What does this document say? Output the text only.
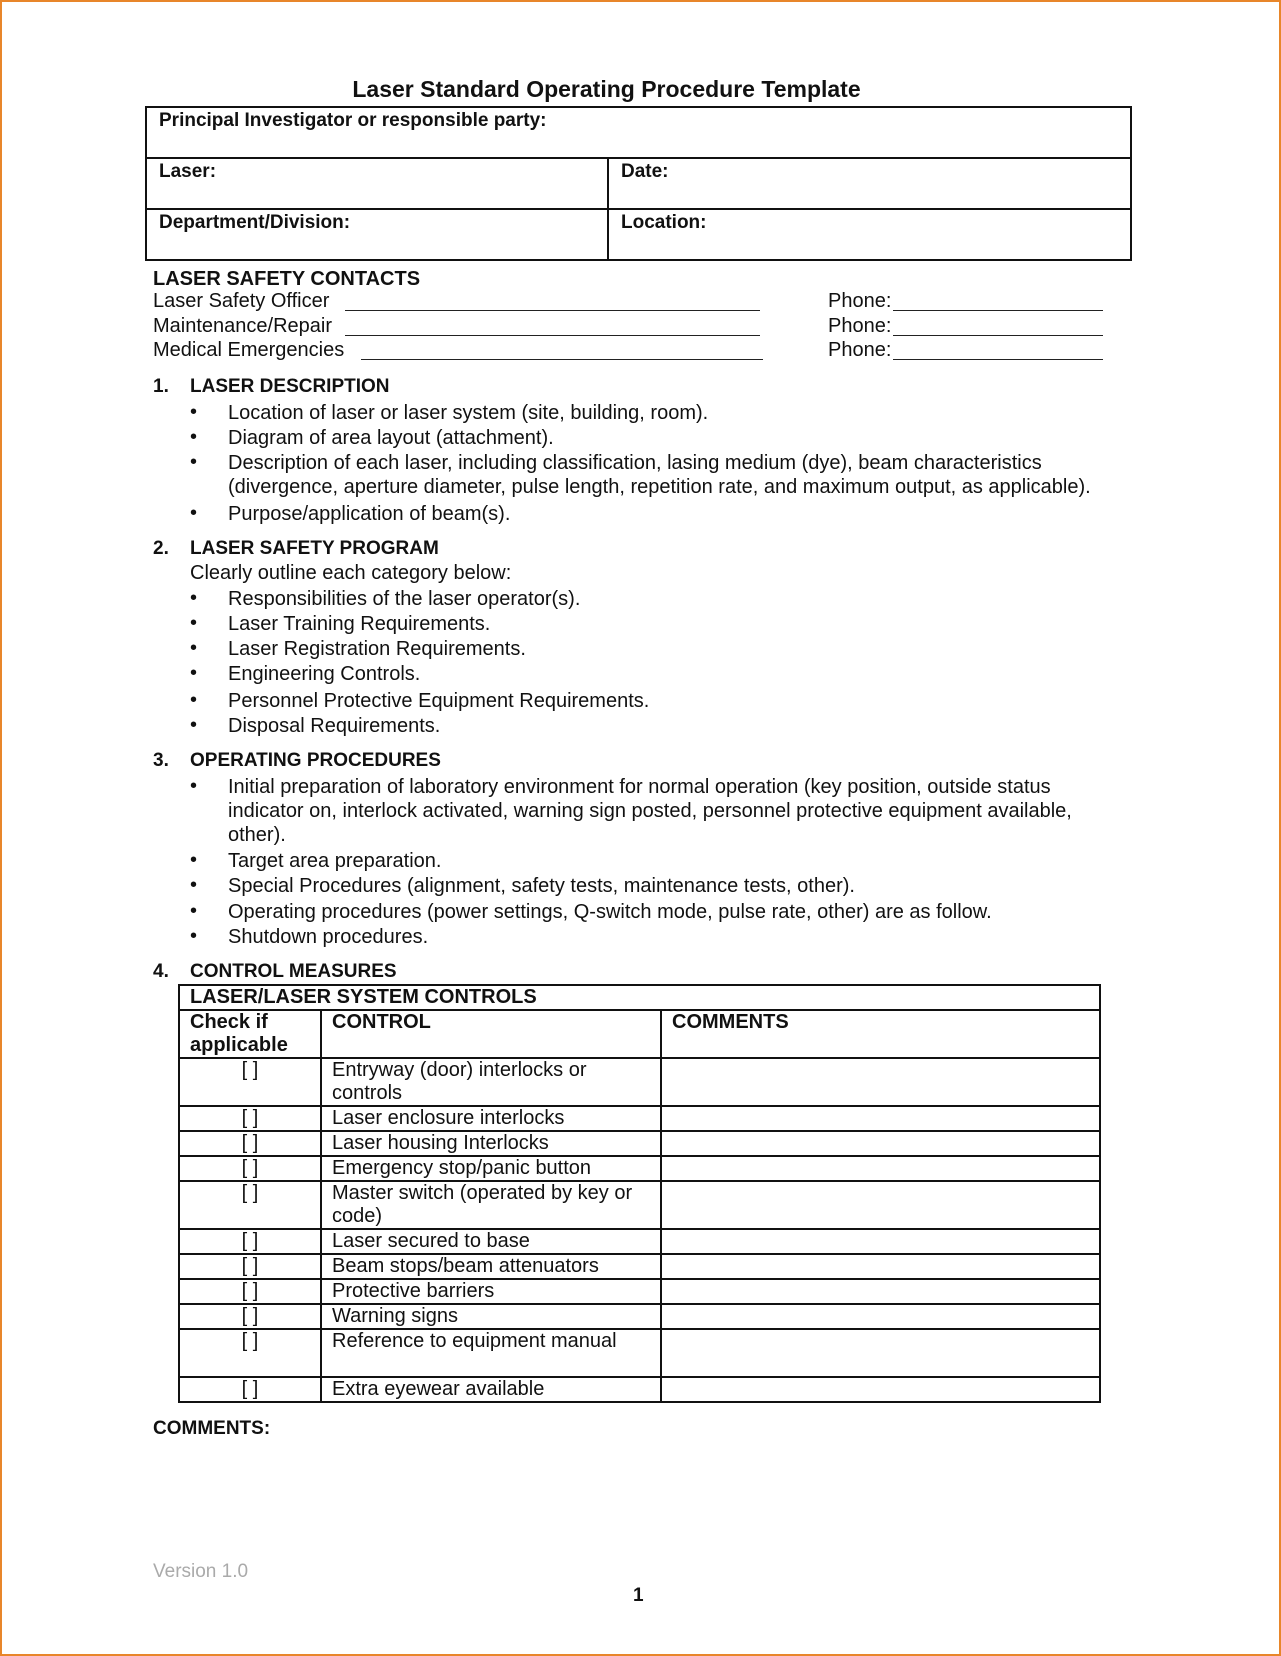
Laser Standard Operating Procedure Template
Principal Investigator or responsible party:	
Laser:	Date:
Department/Division:	Location:
LASER SAFETY CONTACTS
Laser Safety Officer	Phone:
Maintenance/Repair	Phone:
Medical Emergencies	Phone:
1. LASER DESCRIPTION
• Location of laser or laser system (site, building, room).
• Diagram of area layout (attachment).
• Description of each laser, including classification, lasing medium (dye), beam characteristics (divergence, aperture diameter, pulse length, repetition rate, and maximum output, as applicable).
• Purpose/application of beam(s).
2. LASER SAFETY PROGRAM
Clearly outline each category below:
• Responsibilities of the laser operator(s).
• Laser Training Requirements.
• Laser Registration Requirements.
• Engineering Controls.
• Personnel Protective Equipment Requirements.
• Disposal Requirements.
3. OPERATING PROCEDURES
• Initial preparation of laboratory environment for normal operation (key position, outside status indicator on, interlock activated, warning sign posted, personnel protective equipment available, other).
• Target area preparation.
• Special Procedures (alignment, safety tests, maintenance tests, other).
• Operating procedures (power settings, Q-switch mode, pulse rate, other) are as follow.
• Shutdown procedures.
4. CONTROL MEASURES
LASER/LASER SYSTEM CONTROLS		
Check if applicable	CONTROL	COMMENTS
[ ]	Entryway (door) interlocks or controls	
[ ]	Laser enclosure interlocks	
[ ]	Laser housing Interlocks	
[ ]	Emergency stop/panic button	
[ ]	Master switch (operated by key or code)	
[ ]	Laser secured to base	
[ ]	Beam stops/beam attenuators	
[ ]	Protective barriers	
[ ]	Warning signs	
[ ]	Reference to equipment manual	
[ ]	Extra eyewear available	
COMMENTS:
Version 1.0
1
